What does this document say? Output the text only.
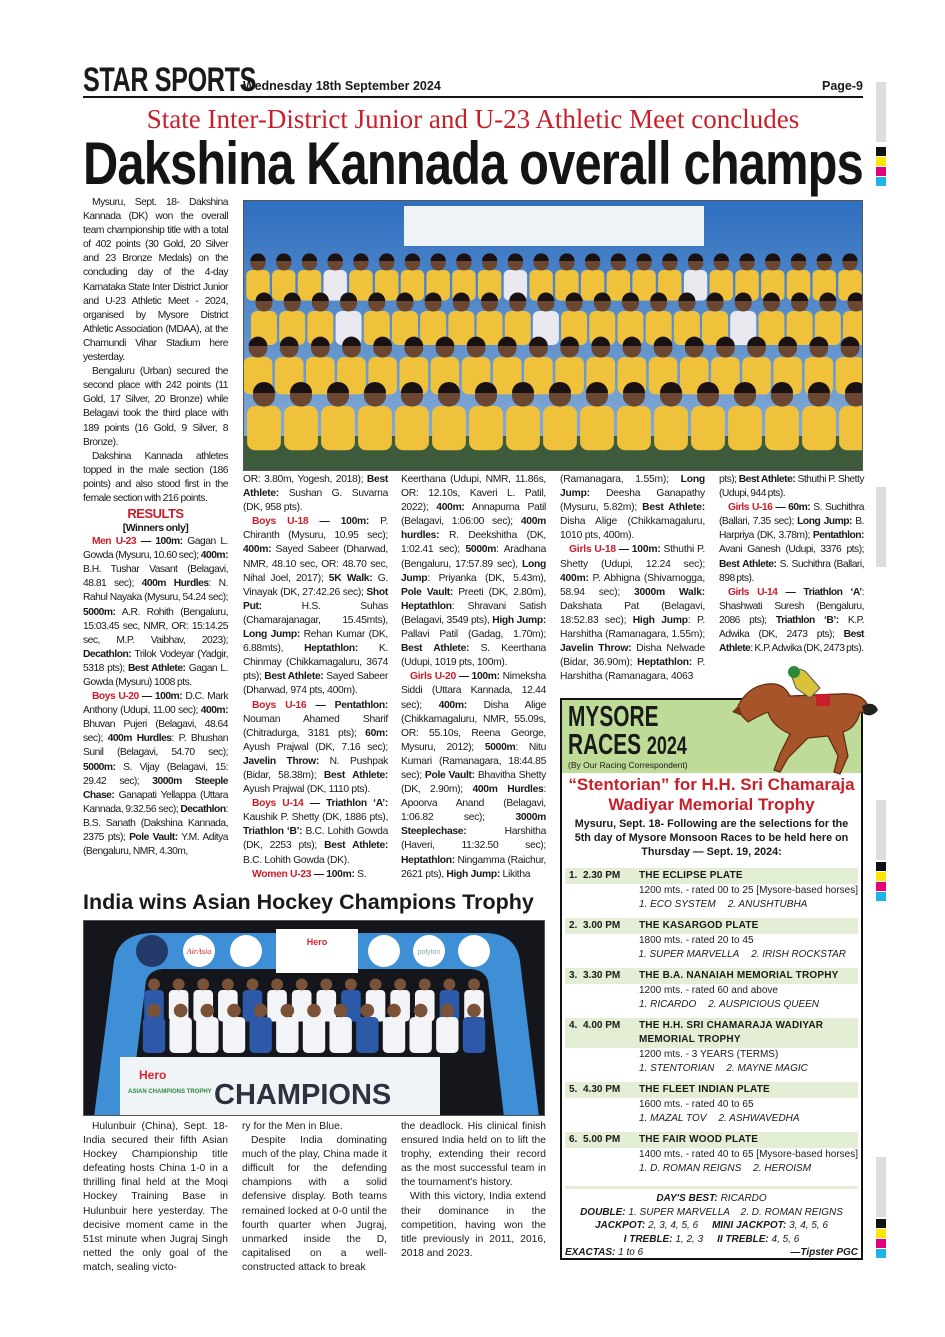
STAR SPORTS
Wednesday 18th September 2024	Page-9
State Inter-District Junior and U-23 Athletic Meet concludes
Dakshina Kannada overall champs

Mysuru, Sept. 18- Dakshina Kannada (DK) won the overall team championship title with a total of 402 points (30 Gold, 20 Silver and 23 Bronze Medals) on the concluding day of the 4-day Karnataka State Inter District Junior and U-23 Athletic Meet - 2024, organised by Mysore District Athletic Association (MDAA), at the Chamundi Vihar Stadium here yesterday.

Bengaluru (Urban) secured the second place with 242 points (11 Gold, 17 Silver, 20 Bronze) while Belagavi took the third place with 189 points (16 Gold, 9 Silver, 8 Bronze).

Dakshina Kannada athletes topped in the male section (186 points) and also stood first in the female section with 216 points.

RESULTS
[Winners only]

Men U-23 — 100m: Gagan L. Gowda (Mysuru, 10.60 sec); 400m: B.H. Tushar Vasant (Belagavi, 48.81 sec); 400m Hurdles: N. Rahul Nayaka (Mysuru, 54.24 sec); 5000m: A.R. Rohith (Bengaluru, 15:03.45 sec, NMR, OR: 15:14.25 sec, M.P. Vaibhav, 2023); Decathlon: Trilok Vodeyar (Yadgir, 5318 pts); Best Athlete: Gagan L. Gowda (Mysuru) 1008 pts.

Boys U-20 — 100m: D.C. Mark Anthony (Udupi, 11.00 sec); 400m: Bhuvan Pujeri (Belagavi, 48.64 sec); 400m Hurdles: P. Bhushan Sunil (Belagavi, 54.70 sec); 5000m: S. Vijay (Belagavi, 15: 29.42 sec); 3000m Steeple Chase: Ganapati Yellappa (Uttara Kannada, 9:32.56 sec); Decathlon: B.S. Sanath (Dakshina Kannada, 2375 pts); Pole Vault: Y.M. Aditya (Bengaluru, NMR, 4.30m,

OR: 3.80m, Yogesh, 2018); Best Athlete: Sushan G. Suvarna (DK, 958 pts).

Boys U-18 — 100m: P. Chiranth (Mysuru, 10.95 sec); 400m: Sayed Sabeer (Dharwad, NMR, 48.10 sec, OR: 48.70 sec, Nihal Joel, 2017); 5K Walk: G. Vinayak (DK, 27:42.26 sec); Shot Put: H.S. Suhas (Chamarajanagar, 15.45mts), Long Jump: Rehan Kumar (DK, 6.88mts), Heptathlon: K. Chinmay (Chikkamagaluru, 3674 pts); Best Athlete: Sayed Sabeer (Dharwad, 974 pts, 400m).

Boys U-16 — Pentathlon: Nouman Ahamed Sharif (Chitradurga, 3181 pts); 60m: Ayush Prajwal (DK, 7.16 sec); Javelin Throw: N. Pushpak (Bidar, 58.38m); Best Athlete: Ayush Prajwal (DK, 1110 pts).

Boys U-14 — Triathlon ‘A’: Kaushik P. Shetty (DK, 1886 pts), Triathlon ‘B’: B.C. Lohith Gowda (DK, 2253 pts); Best Athlete: B.C. Lohith Gowda (DK).

Women U-23 — 100m: S.

Keerthana (Udupi, NMR, 11.86s, OR: 12.10s, Kaveri L. Patil, 2022); 400m: Annapurna Patil (Belagavi, 1:06:00 sec); 400m hurdles: R. Deekshitha (DK, 1:02.41 sec); 5000m: Aradhana (Bengaluru, 17:57.89 sec), Long Jump: Priyanka (DK, 5.43m), Pole Vault: Preeti (DK, 2.80m), Heptathlon: Shravani Satish (Belagavi, 3549 pts), High Jump: Pallavi Patil (Gadag, 1.70m); Best Athlete: S. Keerthana (Udupi, 1019 pts, 100m).

Girls U-20 — 100m: Nimeksha Siddi (Uttara Kannada, 12.44 sec); 400m: Disha Alige (Chikkamagaluru, NMR, 55.09s, OR: 55.10s, Reena George, Mysuru, 2012); 5000m: Nitu Kumari (Ramanagara, 18:44.85 sec); Pole Vault: Bhavitha Shetty (DK, 2.90m); 400m Hurdles: Apoorva Anand (Belagavi, 1:06.82 sec); 3000m Steeplechase: Harshitha (Haveri, 11:32.50 sec); Heptathlon: Ningamma (Raichur, 2621 pts), High Jump: Likitha

(Ramanagara, 1.55m); Long Jump: Deesha Ganapathy (Mysuru, 5.82m); Best Athlete: Disha Alige (Chikkamagaluru, 1010 pts, 400m).

Girls U-18 — 100m: Sthuthi P. Shetty (Udupi, 12.24 sec); 400m: P. Abhigna (Shivamogga, 58.94 sec); 3000m Walk: Dakshata Pat (Belagavi, 18:52.83 sec); High Jump: P. Harshitha (Ramanagara, 1.55m); Javelin Throw: Disha Nelwade (Bidar, 36.90m); Heptathlon: P. Harshitha (Ramanagara, 4063

pts); Best Athlete: Sthuthi P. Shetty (Udupi, 944 pts).

Girls U-16 — 60m: S. Suchithra (Ballari, 7.35 sec); Long Jump: B. Harpriya (DK, 3.78m); Pentathlon: Avani Ganesh (Udupi, 3376 pts); Best Athlete: S. Suchithra (Ballari, 898 pts).

Girls U-14 — Triathlon ‘A’: Shashwati Suresh (Bengaluru, 2086 pts); Triathlon ‘B’: K.P. Adwika (DK, 2473 pts); Best Athlete: K.P. Adwika (DK, 2473 pts).

India wins Asian Hockey Champions Trophy
AirAsia
Hero
polyton
Hero
ASIAN CHAMPIONS TROPHY CHAMPIONS

Hulunbuir (China), Sept. 18- India secured their fifth Asian Hockey Championship title defeating hosts China 1-0 in a thrilling final held at the Moqi Hockey Training Base in Hulunbuir here yesterday. The decisive moment came in the 51st minute when Jugraj Singh netted the only goal of the match, sealing victo-

ry for the Men in Blue.

Despite India dominating much of the play, China made it difficult for the defending champions with a solid defensive display. Both teams remained locked at 0-0 until the fourth quarter when Jugraj, unmarked inside the D, capitalised on a well-constructed attack to break

the deadlock. His clinical finish ensured India held on to lift the trophy, extending their record as the most successful team in the tournament's history.

With this victory, India extend their dominance in the competition, having won the title previously in 2011, 2016, 2018 and 2023.

MYSORE
RACES 2024
(By Our Racing Correspondent)
“Stentorian” for H.H. Sri Chamaraja
Wadiyar Memorial Trophy
Mysuru, Sept. 18- Following are the selections for the 5th day of Mysore Monsoon Races to be held here on Thursday — Sept. 19, 2024:
1. 2.30 PM	THE ECLIPSE PLATE
1200 mts. - rated 00 to 25 [Mysore-based horses]
1. ECO SYSTEM 2. ANUSHTUBHA
2. 3.00 PM	THE KASARGOD PLATE
1800 mts. - rated 20 to 45
1. SUPER MARVELLA 2. IRISH ROCKSTAR
3. 3.30 PM	THE B.A. NANAIAH MEMORIAL TROPHY
1200 mts. - rated 60 and above
1. RICARDO 2. AUSPICIOUS QUEEN
4. 4.00 PM	THE H.H. SRI CHAMARAJA WADIYAR MEMORIAL TROPHY
1200 mts. - 3 YEARS (TERMS)
1. STENTORIAN 2. MAYNE MAGIC
5. 4.30 PM	THE FLEET INDIAN PLATE
1600 mts. - rated 40 to 65
1. MAZAL TOV 2. ASHWAVEDHA
6. 5.00 PM	THE FAIR WOOD PLATE
1400 mts. - rated 40 to 65 [Mysore-based horses]
1. D. ROMAN REIGNS 2. HEROISM
DAY'S BEST: RICARDO
DOUBLE: 1. SUPER MARVELLA    2. D. ROMAN REIGNS
JACKPOT: 2, 3, 4, 5, 6 MINI JACKPOT: 3, 4, 5, 6
I TREBLE: 1, 2, 3 II TREBLE: 4, 5, 6
EXACTAS: 1 to 6	—Tipster PGC
